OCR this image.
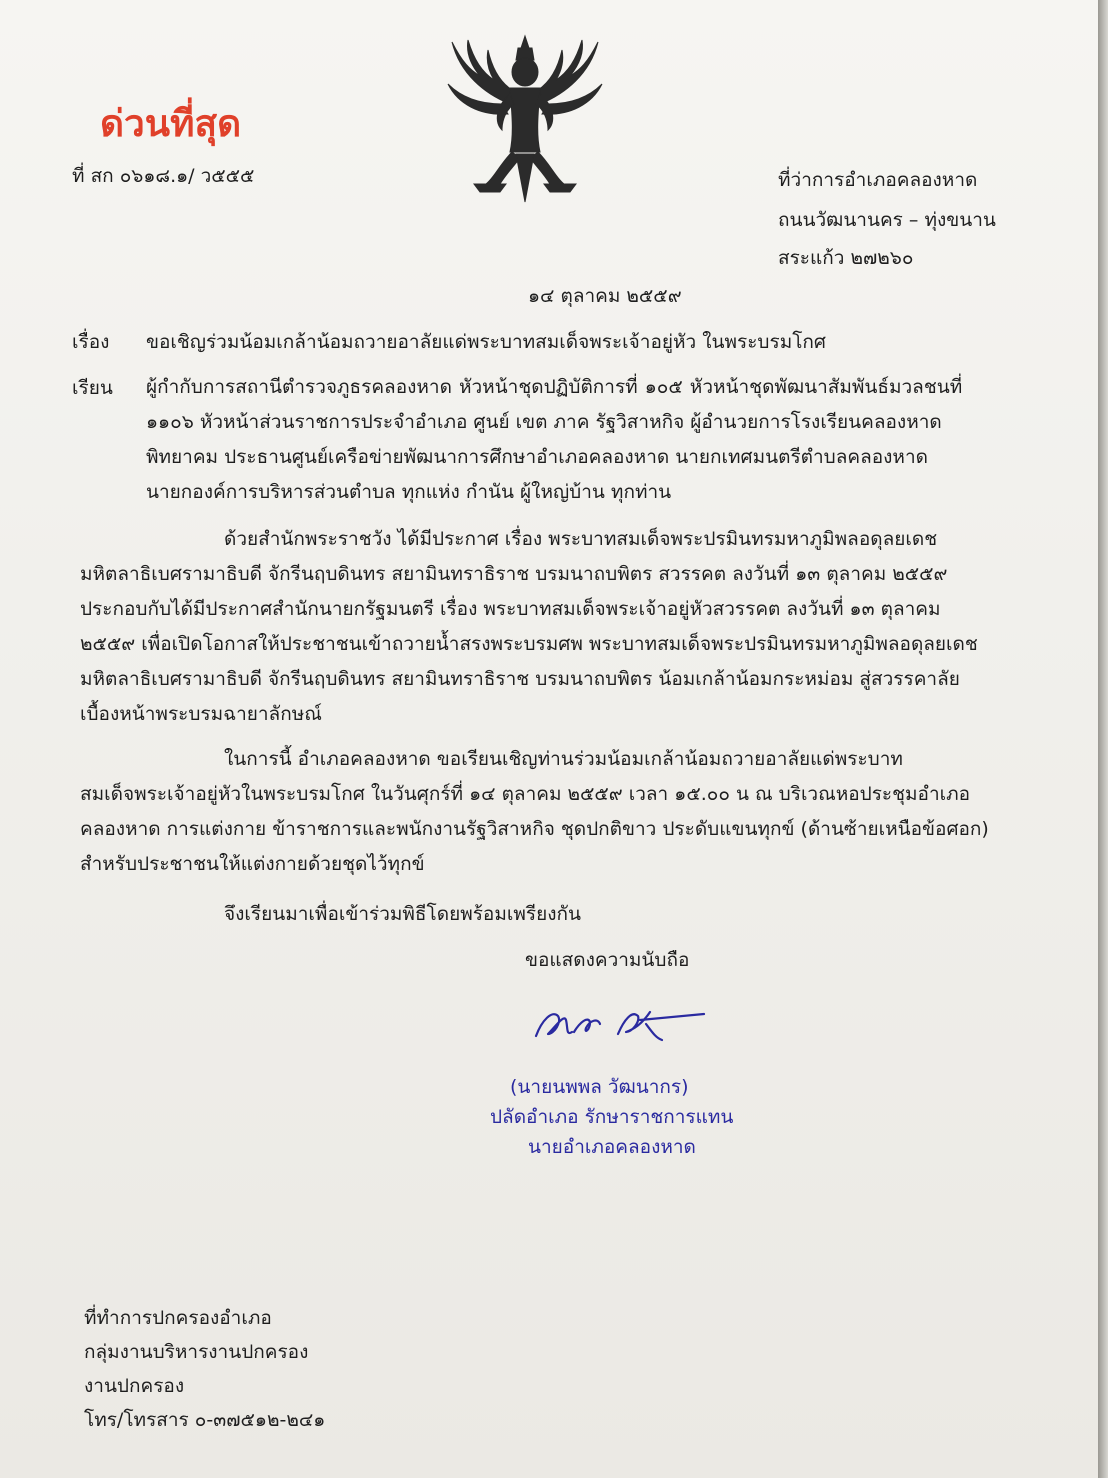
ด่วนที่สุด
ที่ สก ๐๖๑๘.๑/ ว๕๕๕	ที่ว่าการอำเภอคลองหาด
ถนนวัฒนานคร – ทุ่งขนาน
สระแก้ว ๒๗๒๖๐
๑๔ ตุลาคม ๒๕๕๙
เรื่อง ขอเชิญร่วมน้อมเกล้าน้อมถวายอาลัยแด่พระบาทสมเด็จพระเจ้าอยู่หัว ในพระบรมโกศ
เรียน ผู้กำกับการสถานีตำรวจภูธรคลองหาด หัวหน้าชุดปฏิบัติการที่ ๑๐๕ หัวหน้าชุดพัฒนาสัมพันธ์มวลชนที่
๑๑๐๖ หัวหน้าส่วนราชการประจำอำเภอ ศูนย์ เขต ภาค รัฐวิสาหกิจ ผู้อำนวยการโรงเรียนคลองหาด
พิทยาคม ประธานศูนย์เครือข่ายพัฒนาการศึกษาอำเภอคลองหาด นายกเทศมนตรีตำบลคลองหาด
นายกองค์การบริหารส่วนตำบล ทุกแห่ง กำนัน ผู้ใหญ่บ้าน ทุกท่าน
ด้วยสำนักพระราชวัง ได้มีประกาศ เรื่อง พระบาทสมเด็จพระปรมินทรมหาภูมิพลอดุลยเดช
มหิตลาธิเบศรามาธิบดี จักรีนฤบดินทร สยามินทราธิราช บรมนาถบพิตร สวรรคต ลงวันที่ ๑๓ ตุลาคม ๒๕๕๙
ประกอบกับได้มีประกาศสำนักนายกรัฐมนตรี เรื่อง พระบาทสมเด็จพระเจ้าอยู่หัวสวรรคต ลงวันที่ ๑๓ ตุลาคม
๒๕๕๙ เพื่อเปิดโอกาสให้ประชาชนเข้าถวายน้ำสรงพระบรมศพ พระบาทสมเด็จพระปรมินทรมหาภูมิพลอดุลยเดช
มหิตลาธิเบศรามาธิบดี จักรีนฤบดินทร สยามินทราธิราช บรมนาถบพิตร น้อมเกล้าน้อมกระหม่อม สู่สวรรคาลัย
เบื้องหน้าพระบรมฉายาลักษณ์
ในการนี้ อำเภอคลองหาด ขอเรียนเชิญท่านร่วมน้อมเกล้าน้อมถวายอาลัยแด่พระบาท
สมเด็จพระเจ้าอยู่หัวในพระบรมโกศ ในวันศุกร์ที่ ๑๔ ตุลาคม ๒๕๕๙ เวลา ๑๕.๐๐ น ณ บริเวณหอประชุมอำเภอ
คลองหาด การแต่งกาย ข้าราชการและพนักงานรัฐวิสาหกิจ ชุดปกติขาว ประดับแขนทุกข์ (ด้านซ้ายเหนือข้อศอก)
สำหรับประชาชนให้แต่งกายด้วยชุดไว้ทุกข์
จึงเรียนมาเพื่อเข้าร่วมพิธีโดยพร้อมเพรียงกัน
ขอแสดงความนับถือ
(นายนพพล วัฒนากร)
ปลัดอำเภอ รักษาราชการแทน
นายอำเภอคลองหาด
ที่ทำการปกครองอำเภอ
กลุ่มงานบริหารงานปกครอง
งานปกครอง
โทร/โทรสาร ๐-๓๗๕๑๒-๒๔๑
